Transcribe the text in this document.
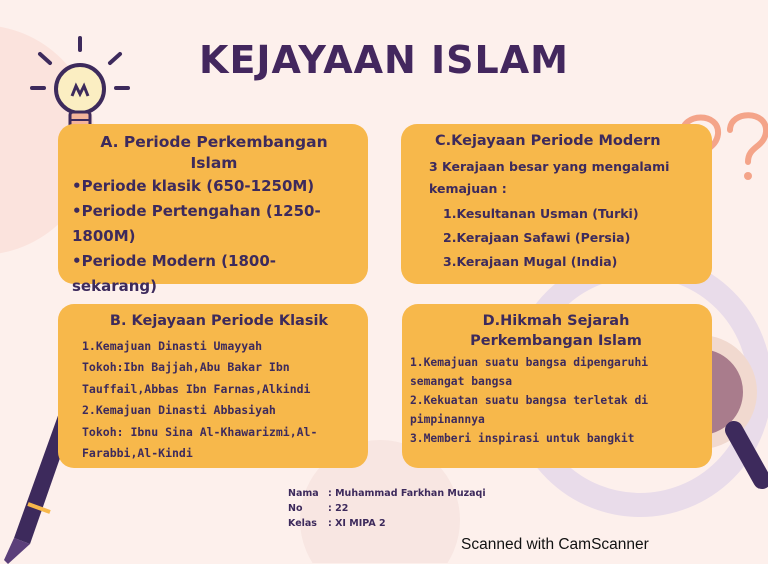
KEJAYAAN ISLAM
A. Periode Perkembangan Islam
•Periode klasik (650-1250M)
•Periode Pertengahan (1250-1800M)
•Periode Modern (1800-sekarang)
C.Kejayaan Periode Modern
3 Kerajaan besar yang mengalami kemajuan :
1.Kesultanan Usman (Turki)
2.Kerajaan Safawi (Persia)
3.Kerajaan Mugal (India)
B. Kejayaan Periode Klasik
1.Kemajuan Dinasti Umayyah
Tokoh:Ibn Bajjah,Abu Bakar Ibn Tauffail,Abbas Ibn Farnas,Alkindi
2.Kemajuan Dinasti Abbasiyah
Tokoh: Ibnu Sina Al-Khawarizmi,Al-Farabbi,Al-Kindi
D.Hikmah Sejarah Perkembangan Islam
1.Kemajuan suatu bangsa dipengaruhi semangat bangsa
2.Kekuatan suatu bangsa terletak di pimpinannya
3.Memberi inspirasi untuk bangkit
Nama : Muhammad Farkhan Muzaqi
No	: 22
Kelas	: XI MIPA 2
Scanned with CamScanner
